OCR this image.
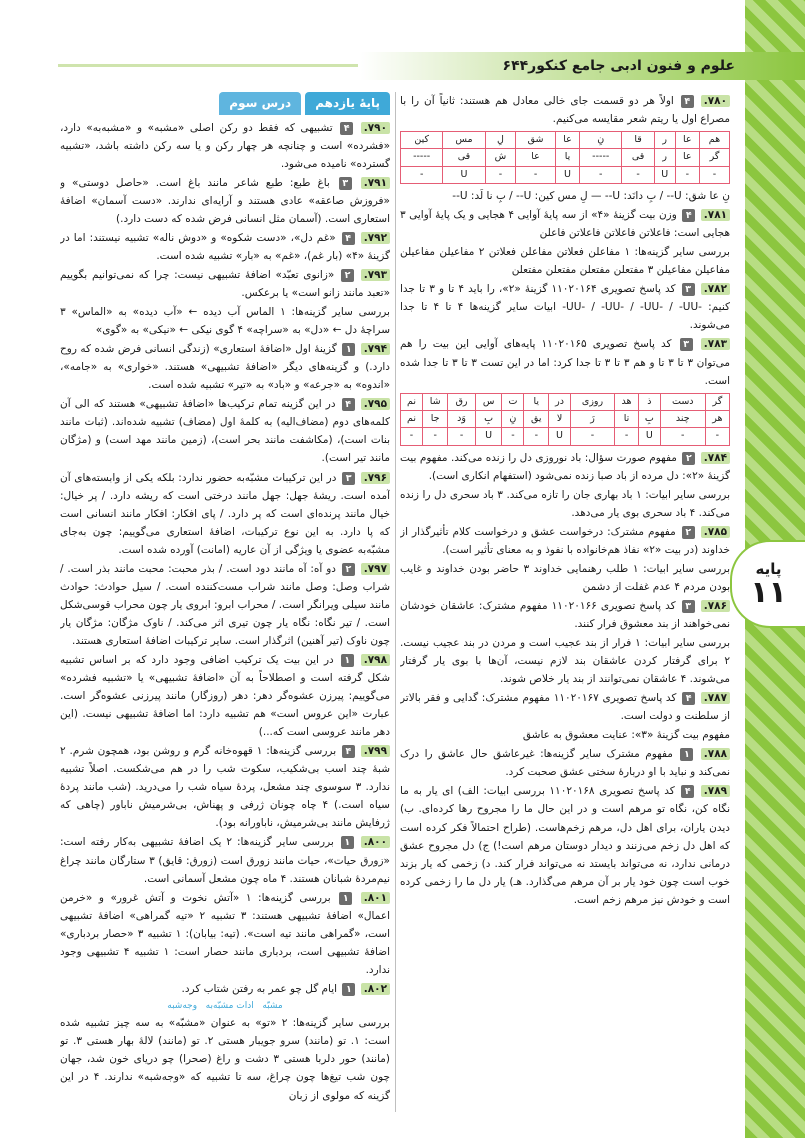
۶۴۴ علوم و فنون ادبی جامع کنکور
پایه
۱۱
۷۸۰. ۴ اولاً هر دو قسمت جای خالی معادل هم هستند: ثانیاً آن را با مصراع اول یا ریتم شعر مقایسه می‌کنیم.
هم	عا	ر	قا	نِ	عا	شق	لِ	مس	کین
گر	عا	ر	قی	-----	یا	عا	ش	قی	-----
-	-	U	-	-	U	-	-	U	-
نِ عا شق: U-- / بِ دانَد: U-- — لِ مس کین: U-- / بِ نا لَد: U--
۷۸۱. ۴ وزن بیت گزینهٔ «۴» از سه پایهٔ آوایی ۴ هجایی و یک پایهٔ آوایی ۳ هجایی است: فاعلاتن فاعلاتن فاعلاتن فاعلن
بررسی سایر گزینه‌ها: ۱ مفاعلن فعلاتن مفاعلن فعلاتن ۲ مفاعیلن مفاعیلن مفاعیلن مفاعیلن ۳ مفتعلن مفتعلن مفتعلن مفتعلن
۷۸۲. ۳ کد پاسخ تصویری ۱۱۰۲۰۱۶۴ گزینهٔ «۲»، را باید ۴ تا و ۳ تا جدا کنیم: -UU- / -UU- / -UU- / -UU- ابیات سایر گزینه‌ها ۴ تا ۴ تا جدا می‌شوند.
۷۸۳. ۳ کد پاسخ تصویری ۱۱۰۲۰۱۶۵ پایه‌های آوایی این بیت را هم می‌توان ۳ تا ۳ تا و هم ۳ تا ۳ تا جدا کرد: اما در این تست ۳ تا ۳ تا جدا شده است.
گر	دست	ذ	هد	روزی	در	یا	ت	س	رق	شا	نم
هر	چند	بِ	تا	رَ	لا	یق	نِ	بِ	وَد	جا	نم
-	-	U	-	-	U	-	-	U	-	-	-
۷۸۴. ۲ مفهوم صورت سؤال: باد نوروزی دل را زنده می‌کند. مفهوم بیت گزینهٔ «۲»: دل مرده از باد صبا زنده نمی‌شود (استفهام انکاری است).
بررسی سایر ابیات: ۱ باد بهاری جان را تازه می‌کند. ۳ باد سحری دل را زنده می‌کند. ۴ باد سحری بوی یار می‌دهد.
۷۸۵. ۲ مفهوم مشترک: درخواست عشق و درخواست کلام تأثیرگذار از خداوند (در بیت «۲» نفاذ هم‌خانواده با نفوذ و به معنای تأثیر است).
بررسی سایر ابیات: ۱ طلب رهنمایی خداوند ۳ حاضر بودن خداوند و غایب بودن مردم ۴ عدم غفلت از دشمن
۷۸۶. ۳ کد پاسخ تصویری ۱۱۰۲۰۱۶۶ مفهوم مشترک: عاشقان خودشان نمی‌خواهند از بند معشوق فرار کنند.
بررسی سایر ابیات: ۱ فرار از بند عجیب است و مردن در بند عجیب نیست. ۲ برای گرفتار کردن عاشقان بند لازم نیست، آن‌ها با بوی یار گرفتار می‌شوند. ۴ عاشقان نمی‌توانند از بند یار خلاص شوند.
۷۸۷. ۴ کد پاسخ تصویری ۱۱۰۲۰۱۶۷ مفهوم مشترک: گدایی و فقر بالاتر از سلطنت و دولت است.
مفهوم بیت گزینهٔ «۳»: عنایت معشوق به عاشق
۷۸۸. ۱ مفهوم مشترک سایر گزینه‌ها: غیرعاشق حال عاشق را درک نمی‌کند و نباید با او دربارهٔ سختی عشق صحبت کرد.
۷۸۹. ۴ کد پاسخ تصویری ۱۱۰۲۰۱۶۸ بررسی ابیات: الف) ای یار به ما نگاه کن، نگاه تو مرهم است و در این حال ما را مجروح رها کرده‌ای. ب) دیدن یاران، برای اهل دل، مرهم زخم‌هاست. (طراح احتمالاً فکر کرده است که اهل دل زخم می‌زنند و دیدار دوستان مرهم است!) ج) دل مجروح عشق درمانی ندارد، نه می‌تواند بایستد نه می‌تواند فرار کند. د) زخمی که یار بزند خوب است چون خود یار بر آن مرهم می‌گذارد. هـ) یار دل ما را زخمی کرده است و خودش نیز مرهم زخم است.
پایهٔ یازدهم
درس سوم
۷۹۰. ۴ تشبیهی که فقط دو رکن اصلی «مشبه» و «مشبه‌به» دارد، «فشرده» است و چنانچه هر چهار رکن و یا سه رکن داشته باشد، «تشبیه گسترده» نامیده می‌شود.
۷۹۱. ۳ باغ طبع: طبع شاعر مانند باغ است. «حاصل دوستی» و «فروزش صاعقه» عادی هستند و آرایه‌ای ندارند. «دست آسمان» اضافهٔ استعاری است. (آسمان مثل انسانی فرض شده که دست دارد.)
۷۹۲. ۴ «غم دل»، «دست شکوه» و «دوش ناله» تشبیه نیستند: اما در گزینهٔ «۴» (بار غم)، «غم» به «بار» تشبیه شده است.
۷۹۳. ۲ «زانوی تعبّد» اضافهٔ تشبیهی نیست: چرا که نمی‌توانیم بگوییم «تعبد مانند زانو است» یا برعکس.
بررسی سایر گزینه‌ها: ۱ الماس آب دیده ← «آب دیده» به «الماس» ۳ سراچهٔ دل ← «دل» به «سراچه» ۴ گوی نیکی ← «نیکی» به «گوی»
۷۹۴. ۱ گزینهٔ اول «اضافهٔ استعاری» (زندگی انسانی فرض شده که روح دارد.) و گزینه‌های دیگر «اضافهٔ تشبیهی» هستند. «خواری» به «جامه»، «اندوه» به «جرعه» و «باد» به «تیر» تشبیه شده است.
۷۹۵. ۴ در این گزینه تمام ترکیب‌ها «اضافهٔ تشبیهی» هستند که الی آن کلمه‌های دوم (مضاف‌الیه) به کلمهٔ اول (مضاف) تشبیه شده‌اند. (ثبات مانند بنات است)، (مکاشفت مانند بحر است)، (زمین مانند مهد است) و (مژگان مانند تیر است).
۷۹۶. ۳ در این ترکیبات مشبّه‌به حضور ندارد: بلکه یکی از وابسته‌های آن آمده است. ریشهٔ جهل: جهل مانند درختی است که ریشه دارد. / پر خیال: خیال مانند پرنده‌ای است که پر دارد. / پای افکار: افکار مانند انسانی است که پا دارد. به این نوع ترکیبات، اضافهٔ استعاری می‌گوییم: چون به‌جای مشبّه‌به عضوی یا ویژگی از آن عاریه (امانت) آورده شده است.
۷۹۷. ۲ دو آه: آه مانند دود است. / بذر محبت: محبت مانند بذر است. / شراب وصل: وصل مانند شراب مست‌کننده است. / سیل حوادث: حوادث مانند سیلی ویرانگر است. / محراب ابرو: ابروی یار چون محراب قوسی‌شکل است. / تیر نگاه: نگاه یار چون تیری اثر می‌کند. / ناوک مژگان: مژگان یار چون ناوک (تیر آهنین) اثرگذار است. سایر ترکیبات اضافهٔ استعاری هستند.
۷۹۸. ۱ در این بیت یک ترکیب اضافی وجود دارد که بر اساس تشبیه شکل گرفته است و اصطلاحاً به آن «اضافهٔ تشبیهی» یا «تشبیه فشرده» می‌گوییم: پیرزن عشوه‌گر دهر: دهر (روزگار) مانند پیرزنی عشوه‌گر است. عبارت «این عروس است» هم تشبیه دارد: اما اضافهٔ تشبیهی نیست. (این دهر مانند عروسی است که...)
۷۹۹. ۴ بررسی گزینه‌ها: ۱ قهوه‌خانه گرم و روشن بود، همچون شرم. ۲ شبهٔ چند اسب بی‌شکیب، سکوت شب را در هم می‌شکست. اصلاً تشبیه ندارد. ۳ سوسوی چند مشعل، پردهٔ سیاه شب را می‌درید. (شب مانند پردهٔ سیاه است.) ۴ چاه چونان ژرفی و پهناش، بی‌شرمیش ناباور (چاهی که ژرفایش مانند بی‌شرمیش، ناباورانه بود).
۸۰۰. ۱ بررسی سایر گزینه‌ها: ۲ یک اضافهٔ تشبیهی به‌کار رفته است: «زورق حیات»، حیات مانند زورق است (زورق: قایق) ۳ ستارگان مانند چراغ نیم‌مردهٔ شبانان هستند. ۴ ماه چون مشعل آسمانی است.
۸۰۱. ۱ بررسی گزینه‌ها: ۱ «آتش نخوت و آتش غرور» و «خرمن اعمال» اضافهٔ تشبیهی هستند: ۳ تشبیه ۲ «تیه گمراهی» اضافهٔ تشبیهی است، «گمراهی مانند تیه است». (تیه: بیابان): ۱ تشبیه ۳ «حصار بردباری» اضافهٔ تشبیهی است، بردباری مانند حصار است: ۱ تشبیه ۴ تشبیهی وجود ندارد.
۸۰۲. ۱ ایام گل چو عمر به رفتن شتاب کرد.
مشبّه   ادات مشبّه‌به   وجه‌شبه
بررسی سایر گزینه‌ها: ۲ «تو» به عنوان «مشبّه» به سه چیز تشبیه شده است: ۱. تو (مانند) سرو جویبار هستی ۲. تو (مانند) لالهٔ بهار هستی ۳. تو (مانند) حور دلربا هستی ۳ دشت و راغ (صحرا) چو دریای خون شد، جهان چون شب تیغ‌ها چون چراغ، سه تا تشبیه که «وجه‌شبه» ندارند. ۴ در این گزینه که مولوی از زبان
